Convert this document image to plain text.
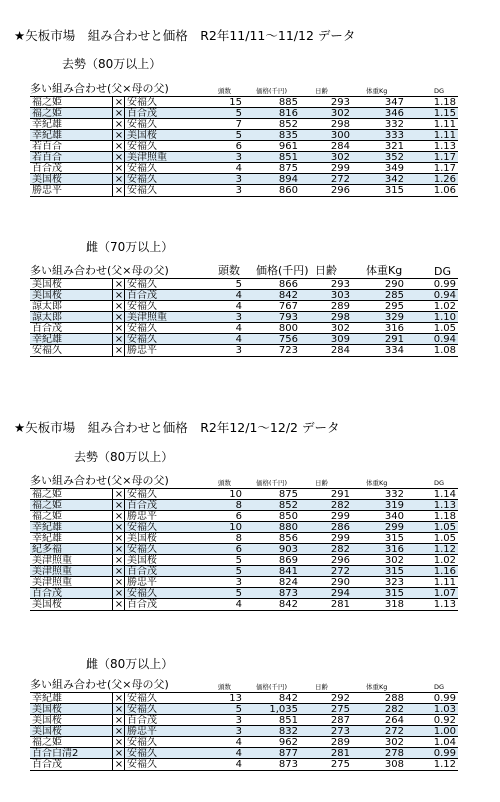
★矢板市場　組み合わせと価格　R2年11/11～11/12 データ
去勢（80万以上）
多い組み合わせ(父×母の父)	頭数	価格(千円)	日齢	体重Kg	DG
福之姫	× 安福久	15	885	293	347	1.18
福之姫	× 百合茂	5	816	302	346	1.15
幸紀雄	× 安福久	7	852	298	332	1.11
幸紀雄	× 美国桜	5	835	300	333	1.11
若百合	× 安福久	6	961	284	321	1.13
若百合	× 美津照重	3	851	302	352	1.17
百合茂	× 安福久	4	875	299	349	1.17
美国桜	× 安福久	3	894	272	342	1.26
勝忠平	× 安福久	3	860	296	315	1.06
雌（70万以上）
多い組み合わせ(父×母の父)	頭数 価格(千円) 日齢	体重Kg	DG
美国桜	× 安福久	5	866	293	290	0.99
美国桜	× 百合茂	4	842	303	285	0.94
諒太郎	× 安福久	4	767	289	295	1.02
諒太郎	× 美津照重	3	793	298	329	1.10
百合茂	× 安福久	4	800	302	316	1.05
幸紀雄	× 安福久	4	756	309	291	0.94
安福久	× 勝忠平	3	723	284	334	1.08
★矢板市場　組み合わせと価格　R2年12/1～12/2 データ
去勢（80万以上）
多い組み合わせ(父×母の父)	頭数	価格(千円)	日齢	体重Kg	DG
福之姫	× 安福久	10	875	291	332	1.14
福之姫	× 百合茂	8	852	282	319	1.13
福之姫	× 勝忠平	6	850	299	340	1.18
幸紀雄	× 安福久	10	880	286	299	1.05
幸紀雄	× 美国桜	8	856	299	315	1.05
紀多福	× 安福久	6	903	282	316	1.12
美津照重	× 美国桜	5	869	296	302	1.02
美津照重	× 百合茂	5	841	272	315	1.16
美津照重	× 勝忠平	3	824	290	323	1.11
百合茂	× 安福久	5	873	294	315	1.07
美国桜	× 百合茂	4	842	281	318	1.13
雌（80万以上）
多い組み合わせ(父×母の父)	頭数	価格(千円)	日齢	体重Kg	DG
幸紀雄	× 安福久	13	842	292	288	0.99
美国桜	× 安福久	5	1,035	275	282	1.03
美国桜	× 百合茂	3	851	287	264	0.92
美国桜	× 勝忠平	3	832	273	272	1.00
福之姫	× 安福久	4	962	289	302	1.04
百合白清2	× 安福久	4	877	281	278	0.99
百合茂	× 安福久	4	873	275	308	1.12
